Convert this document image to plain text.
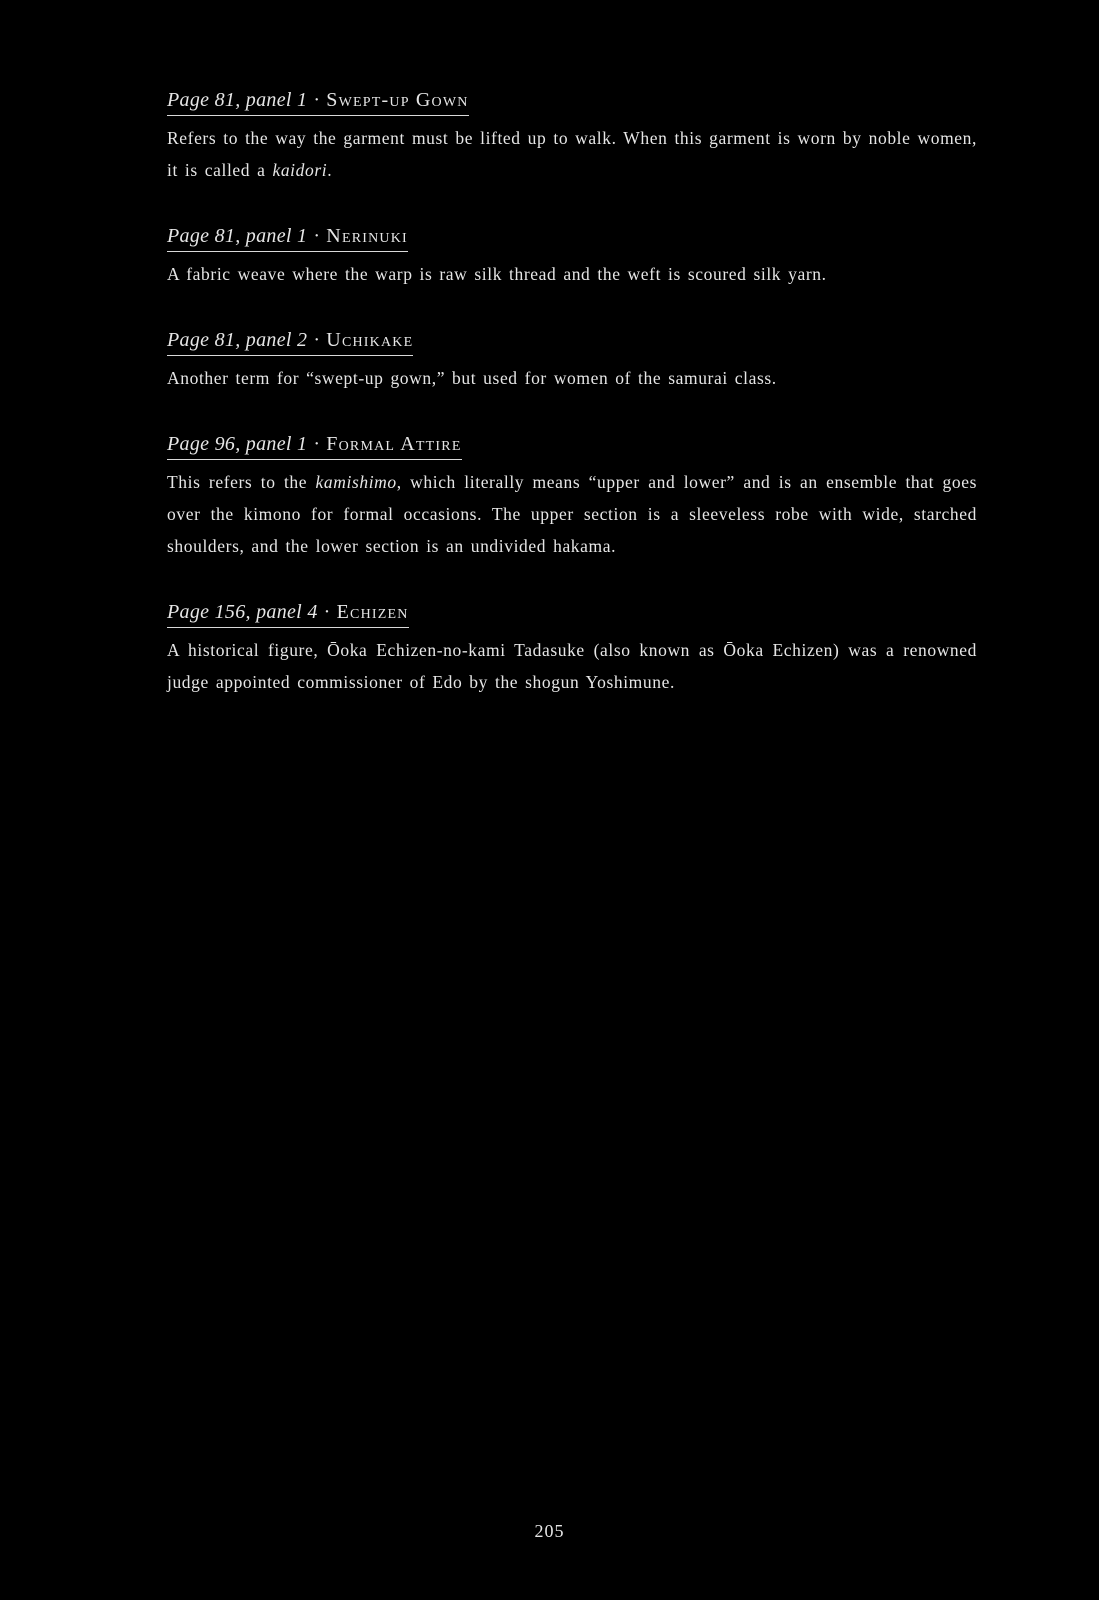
Page 81, panel 1 · Swept-up Gown

Refers to the way the garment must be lifted up to walk. When this garment is worn by noble women, it is called a kaidori.

Page 81, panel 1 · Nerinuki

A fabric weave where the warp is raw silk thread and the weft is scoured silk yarn.

Page 81, panel 2 · Uchikake

Another term for “swept-up gown,” but used for women of the samurai class.

Page 96, panel 1 · Formal Attire

This refers to the kamishimo, which literally means “upper and lower” and is an ensemble that goes over the kimono for formal occasions. The upper section is a sleeveless robe with wide, starched shoulders, and the lower section is an undivided hakama.

Page 156, panel 4 · Echizen

A historical figure, Ōoka Echizen-no-kami Tadasuke (also known as Ōoka Echizen) was a renowned judge appointed commissioner of Edo by the shogun Yoshimune.

205
